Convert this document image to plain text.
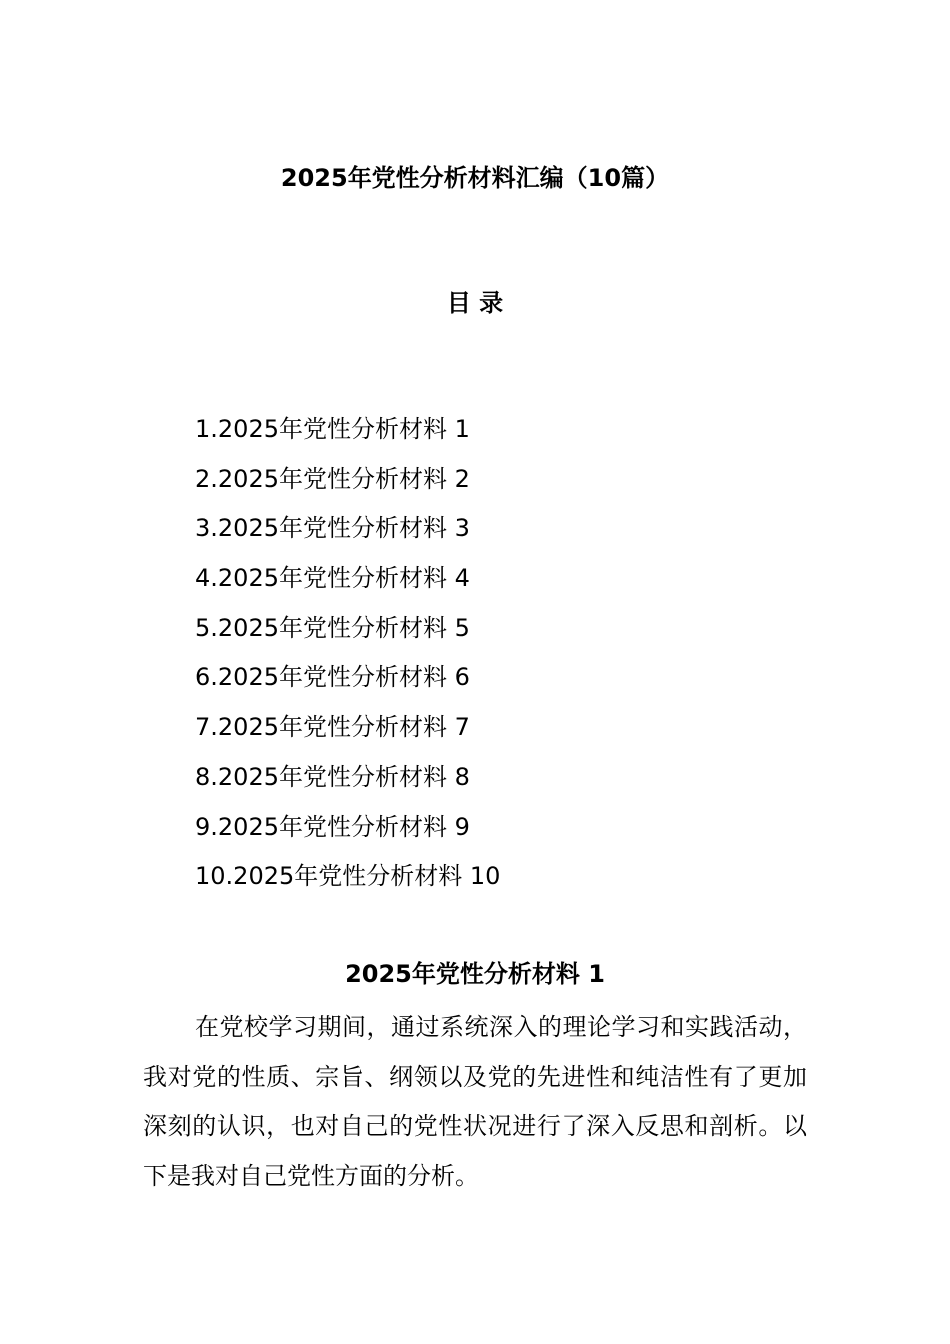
2025年党性分析材料汇编（10篇）
目 录
1.2025年党性分析材料 1
2.2025年党性分析材料 2
3.2025年党性分析材料 3
4.2025年党性分析材料 4
5.2025年党性分析材料 5
6.2025年党性分析材料 6
7.2025年党性分析材料 7
8.2025年党性分析材料 8
9.2025年党性分析材料 9
10.2025年党性分析材料 10
2025年党性分析材料 1

在党校学习期间，通过系统深入的理论学习和实践活动，我对党的性质、宗旨、纲领以及党的先进性和纯洁性有了更加深刻的认识，也对自己的党性状况进行了深入反思和剖析。以下是我对自己党性方面的分析。
